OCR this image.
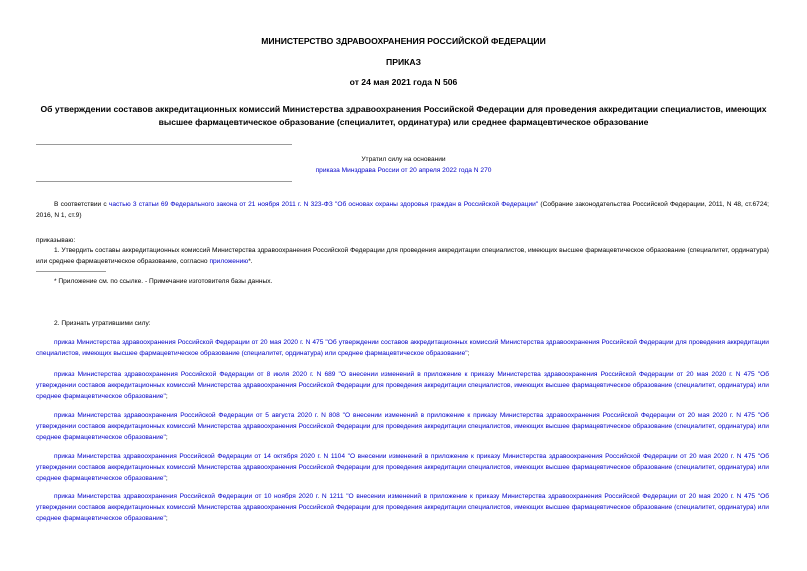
МИНИСТЕРСТВО ЗДРАВООХРАНЕНИЯ РОССИЙСКОЙ ФЕДЕРАЦИИ
ПРИКАЗ
от 24 мая 2021 года N 506
Об утверждении составов аккредитационных комиссий Министерства здравоохранения Российской Федерации для проведения аккредитации специалистов, имеющих высшее фармацевтическое образование (специалитет, ординатура) или среднее фармацевтическое образование
Утратил силу на основании
приказа Минздрава России от 20 апреля 2022 года N 270
В соответствии с частью 3 статьи 69 Федерального закона от 21 ноября 2011 г. N 323-ФЗ "Об основах охраны здоровья граждан в Российской Федерации" (Собрание законодательства Российской Федерации, 2011, N 48, ст.6724; 2016, N 1, ст.9)
приказываю:
1. Утвердить составы аккредитационных комиссий Министерства здравоохранения Российской Федерации для проведения аккредитации специалистов, имеющих высшее фармацевтическое образование (специалитет, ординатура) или среднее фармацевтическое образование, согласно приложению*.
* Приложение см. по ссылке. - Примечание изготовителя базы данных.
2. Признать утратившими силу:
приказ Министерства здравоохранения Российской Федерации от 20 мая 2020 г. N 475 "Об утверждении составов аккредитационных комиссий Министерства здравоохранения Российской Федерации для проведения аккредитации специалистов, имеющих высшее фармацевтическое образование (специалитет, ординатура) или среднее фармацевтическое образование";
приказ Министерства здравоохранения Российской Федерации от 8 июля 2020 г. N 689 "О внесении изменений в приложение к приказу Министерства здравоохранения Российской Федерации от 20 мая 2020 г. N 475 "Об утверждении составов аккредитационных комиссий Министерства здравоохранения Российской Федерации для проведения аккредитации специалистов, имеющих высшее фармацевтическое образование (специалитет, ординатура) или среднее фармацевтическое образование";
приказ Министерства здравоохранения Российской Федерации от 5 августа 2020 г. N 808 "О внесении изменений в приложение к приказу Министерства здравоохранения Российской Федерации от 20 мая 2020 г. N 475 "Об утверждении составов аккредитационных комиссий Министерства здравоохранения Российской Федерации для проведения аккредитации специалистов, имеющих высшее фармацевтическое образование (специалитет, ординатура) или среднее фармацевтическое образование";
приказ Министерства здравоохранения Российской Федерации от 14 октября 2020 г. N 1104 "О внесении изменений в приложение к приказу Министерства здравоохранения Российской Федерации от 20 мая 2020 г. N 475 "Об утверждении составов аккредитационных комиссий Министерства здравоохранения Российской Федерации для проведения аккредитации специалистов, имеющих высшее фармацевтическое образование (специалитет, ординатура) или среднее фармацевтическое образование";
приказ Министерства здравоохранения Российской Федерации от 10 ноября 2020 г. N 1211 "О внесении изменений в приложение к приказу Министерства здравоохранения Российской Федерации от 20 мая 2020 г. N 475 "Об утверждении составов аккредитационных комиссий Министерства здравоохранения Российской Федерации для проведения аккредитации специалистов, имеющих высшее фармацевтическое образование (специалитет, ординатура) или среднее фармацевтическое образование";
